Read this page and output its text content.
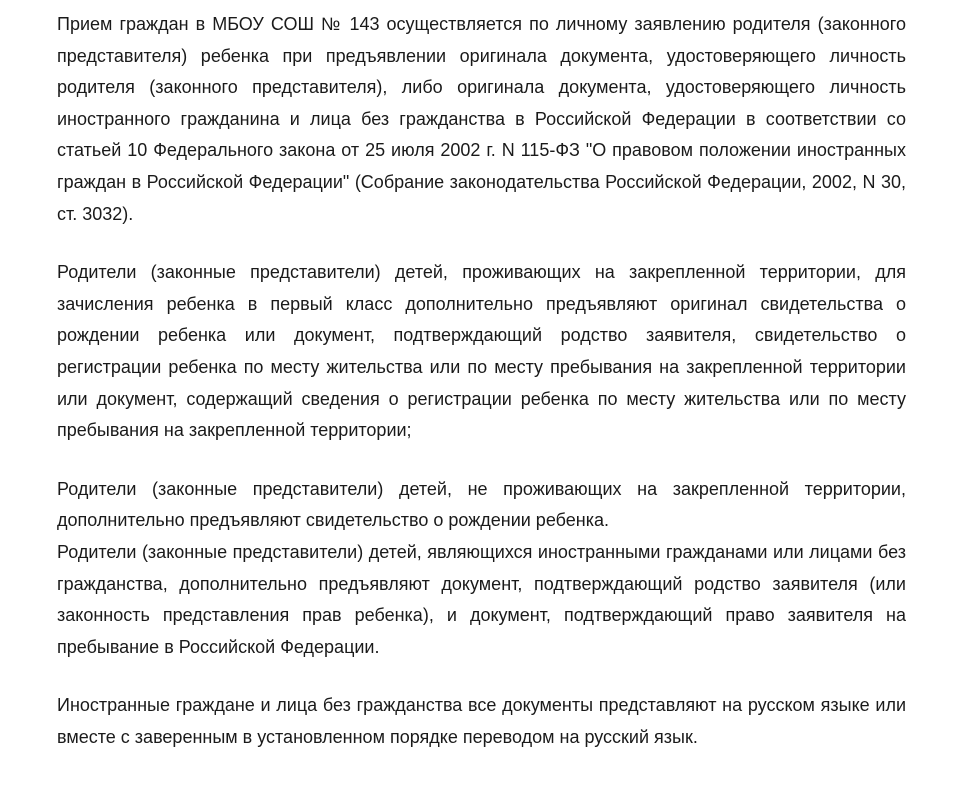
Прием граждан в МБОУ СОШ № 143 осуществляется по личному заявлению родителя (законного представителя) ребенка при предъявлении оригинала документа, удостоверяющего личность родителя (законного представителя), либо оригинала документа, удостоверяющего личность иностранного гражданина и лица без гражданства в Российской Федерации в соответствии со статьей 10 Федерального закона от 25 июля 2002 г. N 115-ФЗ "О правовом положении иностранных граждан в Российской Федерации" (Собрание законодательства Российской Федерации, 2002, N 30, ст. 3032).

Родители (законные представители) детей, проживающих на закрепленной территории, для зачисления ребенка в первый класс дополнительно предъявляют оригинал свидетельства о рождении ребенка или документ, подтверждающий родство заявителя, свидетельство о регистрации ребенка по месту жительства или по месту пребывания на закрепленной территории или документ, содержащий сведения о регистрации ребенка по месту жительства или по месту пребывания на закрепленной территории;

Родители (законные представители) детей, не проживающих на закрепленной территории, дополнительно предъявляют свидетельство о рождении ребенка.

Родители (законные представители) детей, являющихся иностранными гражданами или лицами без гражданства, дополнительно предъявляют документ, подтверждающий родство заявителя (или законность представления прав ребенка), и документ, подтверждающий право заявителя на пребывание в Российской Федерации.

Иностранные граждане и лица без гражданства все документы представляют на русском языке или вместе с заверенным в установленном порядке переводом на русский язык.
